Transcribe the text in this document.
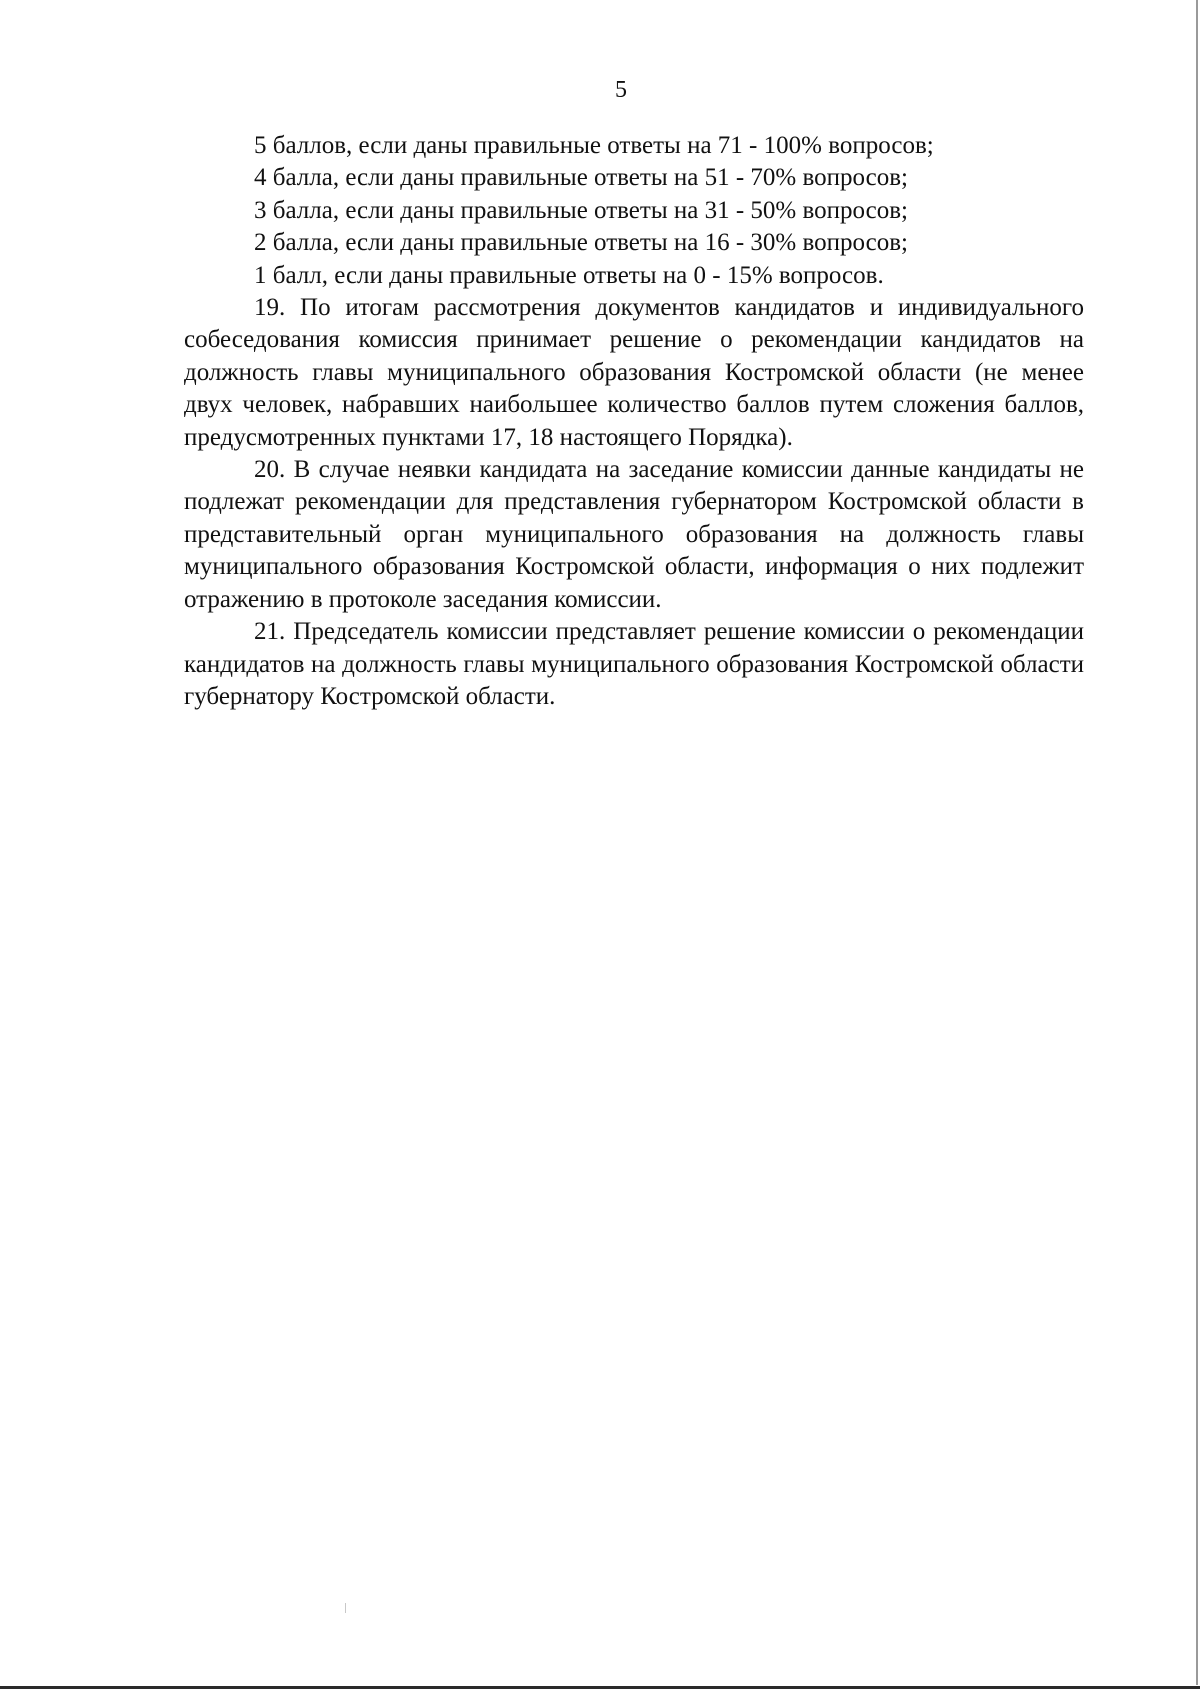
5
5 баллов, если даны правильные ответы на 71 - 100% вопросов;
4 балла, если даны правильные ответы на 51 - 70% вопросов;
3 балла, если даны правильные ответы на 31 - 50% вопросов;
2 балла, если даны правильные ответы на 16 - 30% вопросов;
1 балл, если даны правильные ответы на 0 - 15% вопросов.

19. По итогам рассмотрения документов кандидатов и индивидуального собеседования комиссия принимает решение о рекомендации кандидатов на должность главы муниципального образования Костромской области (не менее двух человек, набравших наибольшее количество баллов путем сложения баллов, предусмотренных пунктами 17, 18 настоящего Порядка).

20. В случае неявки кандидата на заседание комиссии данные кандидаты не подлежат рекомендации для представления губернатором Костромской области в представительный орган муниципального образования на должность главы муниципального образования Костромской области, информация о них подлежит отражению в протоколе заседания комиссии.

21. Председатель комиссии представляет решение комиссии о рекомендации кандидатов на должность главы муниципального образования Костромской области губернатору Костромской области.
